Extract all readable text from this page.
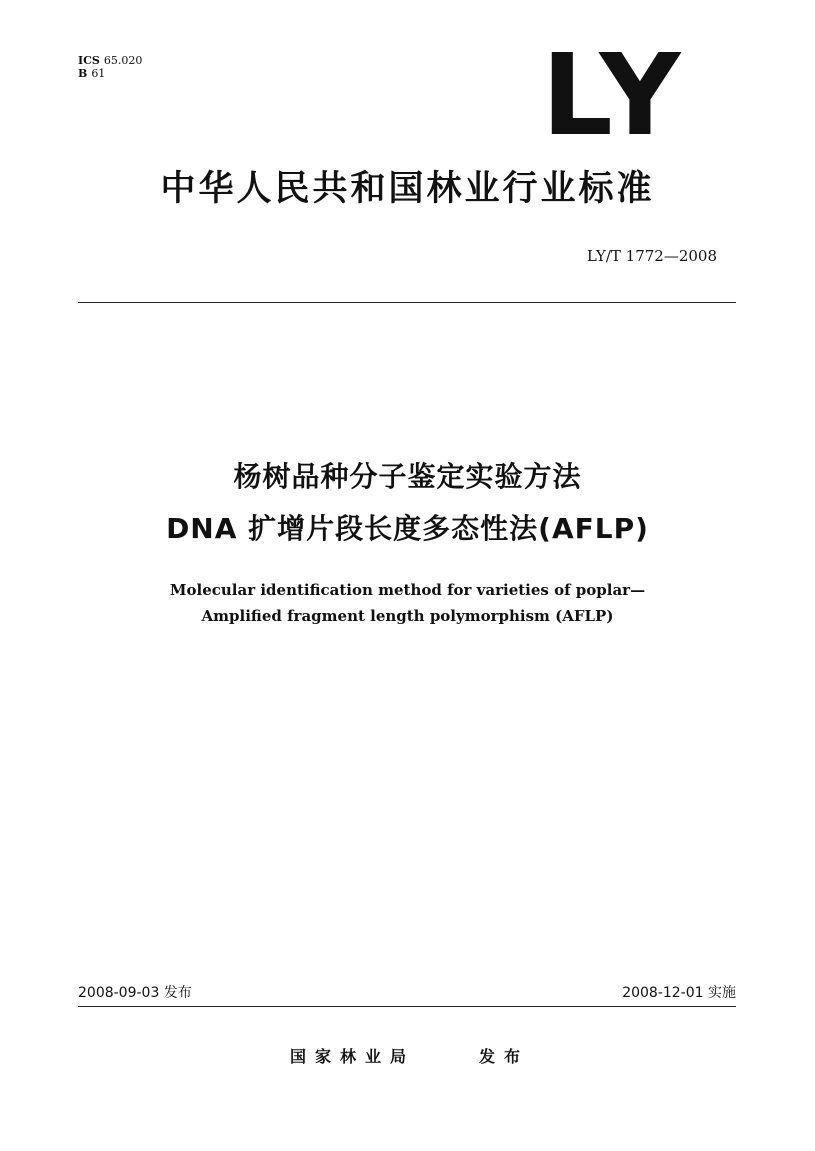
ICS 65.020
B 61	LY
中华人民共和国林业行业标准
LY/T 1772—2008
杨树品种分子鉴定实验方法
DNA 扩增片段长度多态性法(AFLP)
Molecular identification method for varieties of poplar—
Amplified fragment length polymorphism (AFLP)
2008-09-03 发布	2008-12-01 实施
国家林业局	发布
